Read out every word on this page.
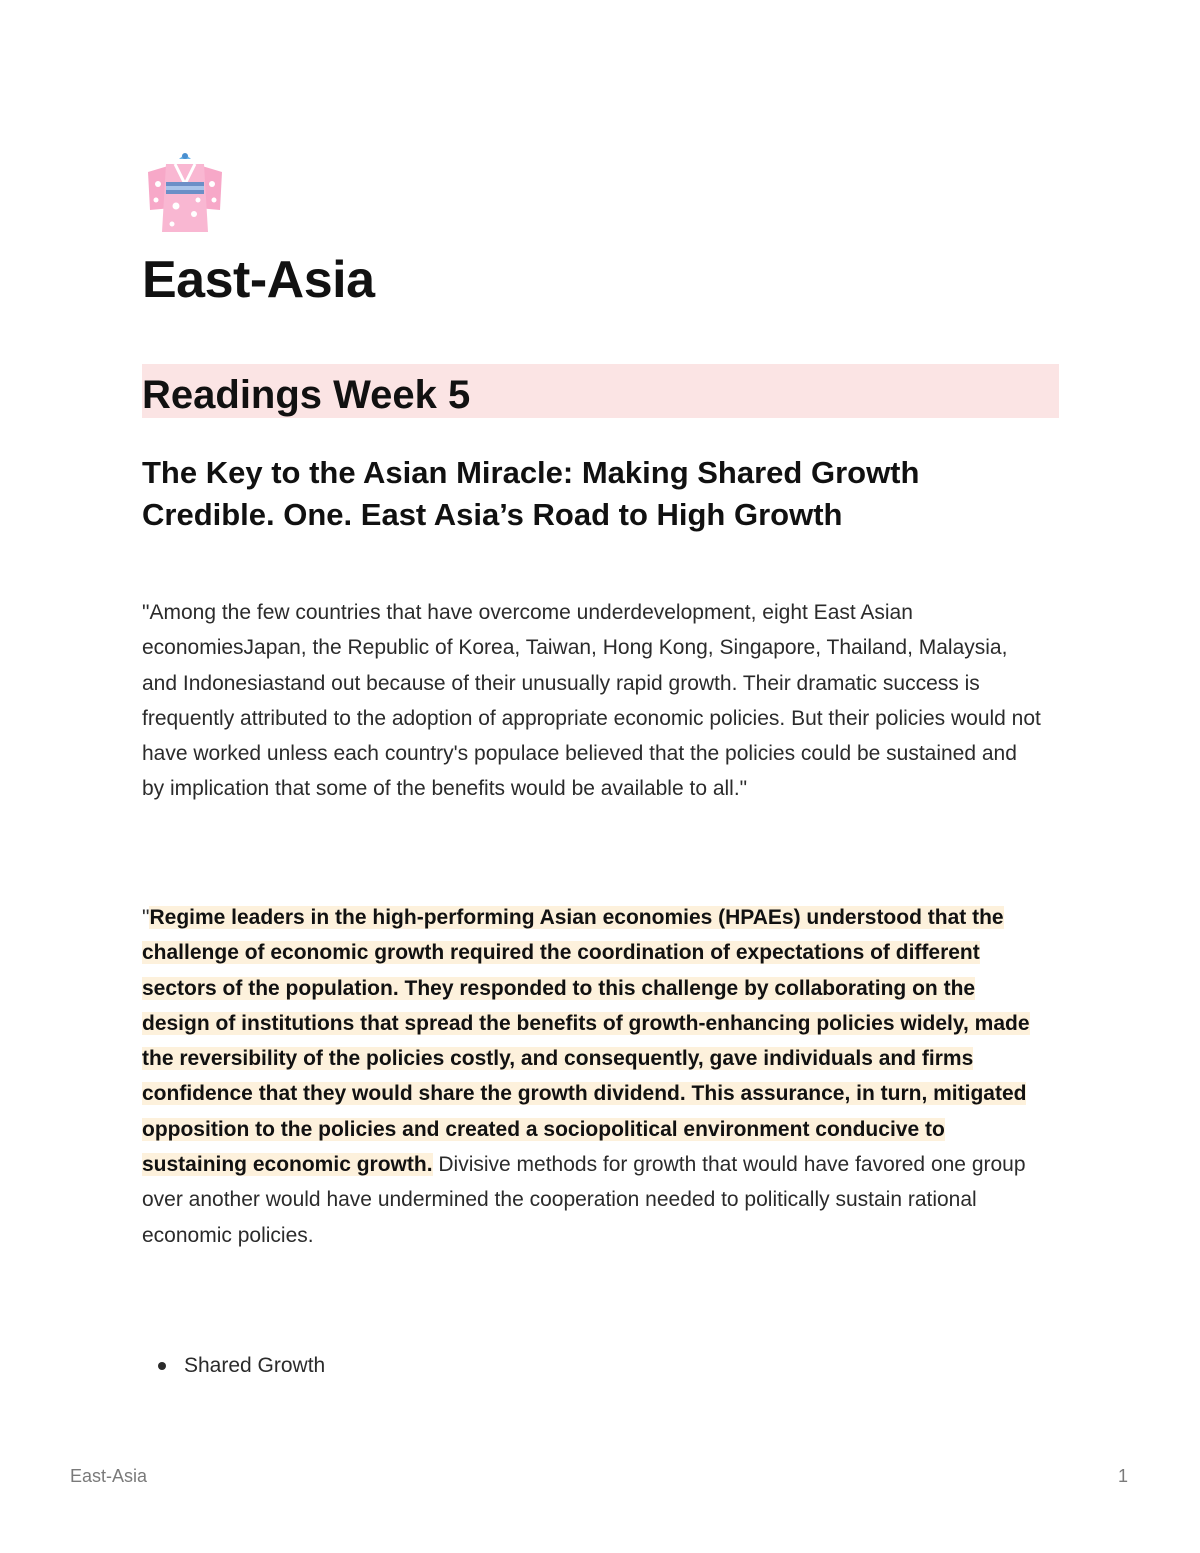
East-Asia
Readings Week 5
The Key to the Asian Miracle: Making Shared Growth Credible. One. East Asia’s Road to High Growth

"Among the few countries that have overcome underdevelopment, eight East Asian economiesJapan, the Republic of Korea, Taiwan, Hong Kong, Singapore, Thailand, Malaysia, and Indonesiastand out because of their unusually rapid growth. Their dramatic success is frequently attributed to the adoption of appropriate economic policies. But their policies would not have worked unless each country's populace believed that the policies could be sustained and by implication that some of the benefits would be available to all."

"Regime leaders in the high-performing Asian economies (HPAEs) understood that the challenge of economic growth required the coordination of expectations of different sectors of the population. They responded to this challenge by collaborating on the design of institutions that spread the benefits of growth-enhancing policies widely, made the reversibility of the policies costly, and consequently, gave individuals and firms confidence that they would share the growth dividend. This assurance, in turn, mitigated opposition to the policies and created a sociopolitical environment conducive to sustaining economic growth. Divisive methods for growth that would have favored one group over another would have undermined the cooperation needed to politically sustain rational economic policies.

Shared Growth
East-Asia	1
